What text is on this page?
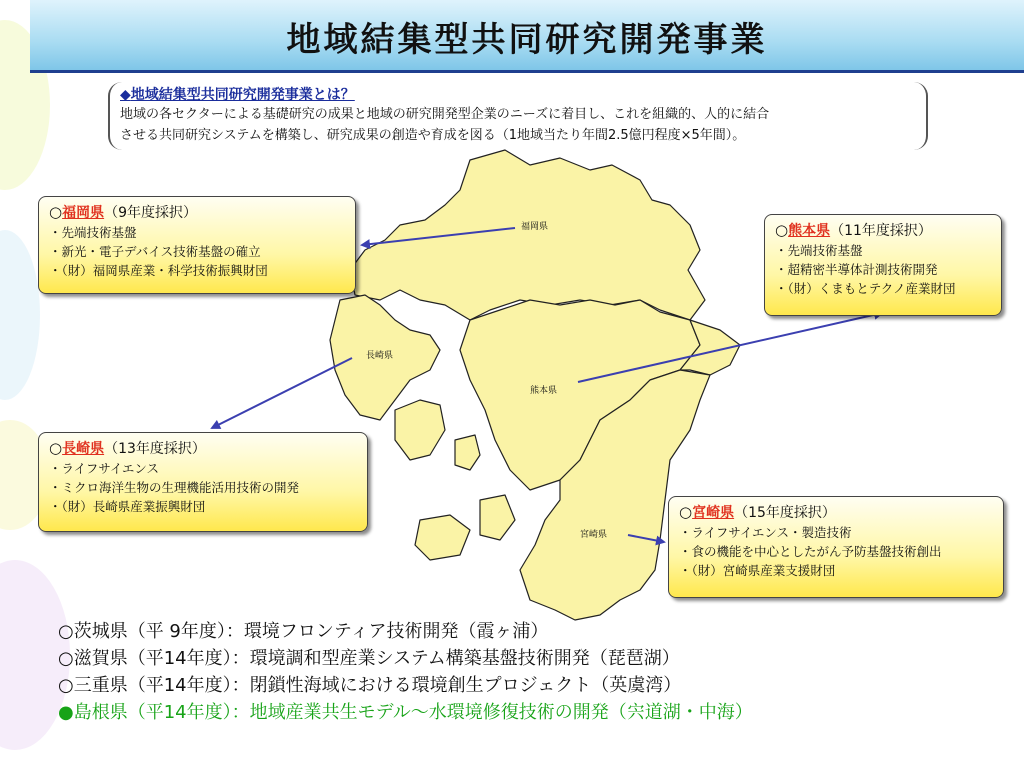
地域結集型共同研究開発事業
◆地域結集型共同研究開発事業とは？
地域の各セクターによる基礎研究の成果と地域の研究開発型企業のニーズに着目し、これを組織的、人的に結合
させる共同研究システムを構築し、研究成果の創造や育成を図る（1地域当たり年間2.5億円程度×5年間）。
福岡県
長崎県
熊本県
宮崎県
○福岡県（9年度採択）
・先端技術基盤
・新光・電子デバイス技術基盤の確立
・（財）福岡県産業・科学技術振興財団
○熊本県（11年度採択）
・先端技術基盤
・超精密半導体計測技術開発
・（財）くまもとテクノ産業財団
○長崎県（13年度採択）
・ライフサイエンス
・ミクロ海洋生物の生理機能活用技術の開発
・（財）長崎県産業振興財団	○宮崎県（15年度採択）
・ライフサイエンス・製造技術
・食の機能を中心としたがん予防基盤技術創出
・（財）宮崎県産業支援財団
○茨城県（平 9年度）：環境フロンティア技術開発（霞ヶ浦）
○滋賀県（平14年度）：環境調和型産業システム構築基盤技術開発（琵琶湖）
○三重県（平14年度）：閉鎖性海域における環境創生プロジェクト（英虞湾）
●島根県（平14年度）：地域産業共生モデル～水環境修復技術の開発（宍道湖・中海）
